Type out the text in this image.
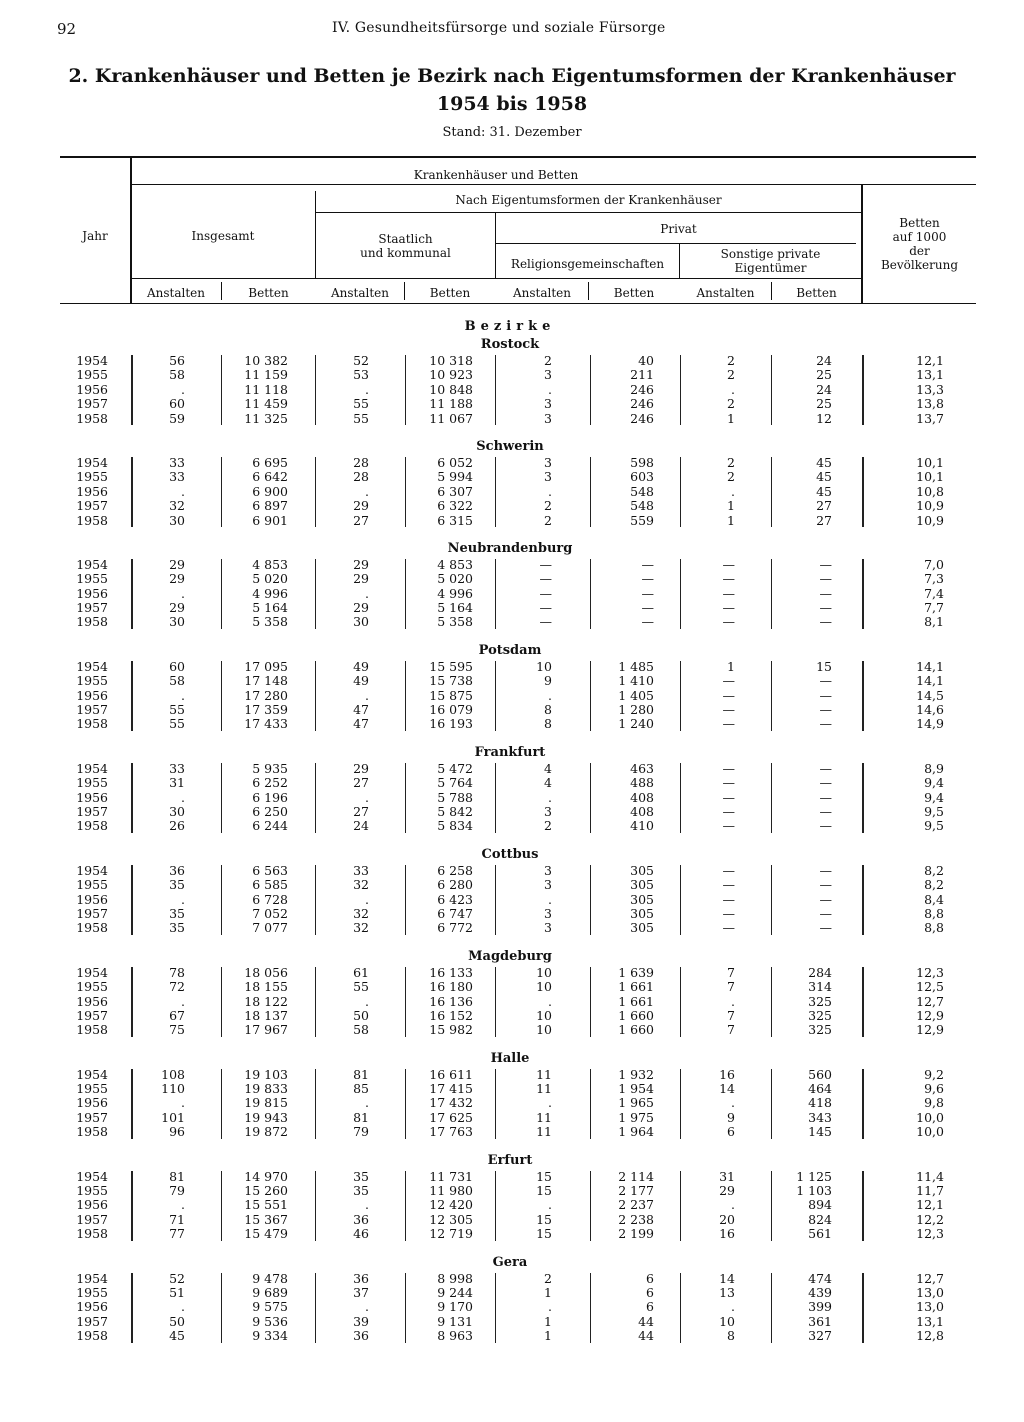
92	IV. Gesundheitsfürsorge und soziale Fürsorge
2. Krankenhäuser und Betten je Bezirk nach Eigentumsformen der Krankenhäuser
1954 bis 1958
Stand: 31. Dezember
Jahr
Krankenhäuser und Betten
Nach Eigentumsformen der Krankenhäuser
Insgesamt	Staatlich
und kommunal
Privat
Religionsgemeinschaften
Sonstige private
Eigentümer
Betten
auf 1000
der
Bevölkerung
Anstalten	Betten	Anstalten	Betten	Anstalten	Betten	Anstalten	Betten
Bezirke
Rostock
1954	56	10 382	52	10 318	2	40	2	24	12,1
1955	58	11 159	53	10 923	3	211	2	25	13,1
1956	.	11 118	.	10 848	.	246	.	24	13,3
1957	60	11 459	55	11 188	3	246	2	25	13,8
1958	59	11 325	55	11 067	3	246	1	12	13,7
Schwerin
1954	33	6 695	28	6 052	3	598	2	45	10,1
1955	33	6 642	28	5 994	3	603	2	45	10,1
1956	.	6 900	.	6 307	.	548	.	45	10,8
1957	32	6 897	29	6 322	2	548	1	27	10,9
1958	30	6 901	27	6 315	2	559	1	27	10,9
Neubrandenburg
1954	29	4 853	29	4 853	—	—	—	—	7,0
1955	29	5 020	29	5 020	—	—	—	—	7,3
1956	.	4 996	.	4 996	—	—	—	—	7,4
1957	29	5 164	29	5 164	—	—	—	—	7,7
1958	30	5 358	30	5 358	—	—	—	—	8,1
Potsdam
1954	60	17 095	49	15 595	10	1 485	1	15	14,1
1955	58	17 148	49	15 738	9	1 410	—	—	14,1
1956	.	17 280	.	15 875	.	1 405	—	—	14,5
1957	55	17 359	47	16 079	8	1 280	—	—	14,6
1958	55	17 433	47	16 193	8	1 240	—	—	14,9
Frankfurt
1954	33	5 935	29	5 472	4	463	—	—	8,9
1955	31	6 252	27	5 764	4	488	—	—	9,4
1956	.	6 196	.	5 788	.	408	—	—	9,4
1957	30	6 250	27	5 842	3	408	—	—	9,5
1958	26	6 244	24	5 834	2	410	—	—	9,5
Cottbus
1954	36	6 563	33	6 258	3	305	—	—	8,2
1955	35	6 585	32	6 280	3	305	—	—	8,2
1956	.	6 728	.	6 423	.	305	—	—	8,4
1957	35	7 052	32	6 747	3	305	—	—	8,8
1958	35	7 077	32	6 772	3	305	—	—	8,8
Magdeburg
1954	78	18 056	61	16 133	10	1 639	7	284	12,3
1955	72	18 155	55	16 180	10	1 661	7	314	12,5
1956	.	18 122	.	16 136	.	1 661	.	325	12,7
1957	67	18 137	50	16 152	10	1 660	7	325	12,9
1958	75	17 967	58	15 982	10	1 660	7	325	12,9
Halle
1954	108	19 103	81	16 611	11	1 932	16	560	9,2
1955	110	19 833	85	17 415	11	1 954	14	464	9,6
1956	.	19 815	.	17 432	.	1 965	.	418	9,8
1957	101	19 943	81	17 625	11	1 975	9	343	10,0
1958	96	19 872	79	17 763	11	1 964	6	145	10,0
Erfurt
1954	81	14 970	35	11 731	15	2 114	31	1 125	11,4
1955	79	15 260	35	11 980	15	2 177	29	1 103	11,7
1956	.	15 551	.	12 420	.	2 237	.	894	12,1
1957	71	15 367	36	12 305	15	2 238	20	824	12,2
1958	77	15 479	46	12 719	15	2 199	16	561	12,3
Gera
1954	52	9 478	36	8 998	2	6	14	474	12,7
1955	51	9 689	37	9 244	1	6	13	439	13,0
1956	.	9 575	.	9 170	.	6	.	399	13,0
1957	50	9 536	39	9 131	1	44	10	361	13,1
1958	45	9 334	36	8 963	1	44	8	327	12,8
